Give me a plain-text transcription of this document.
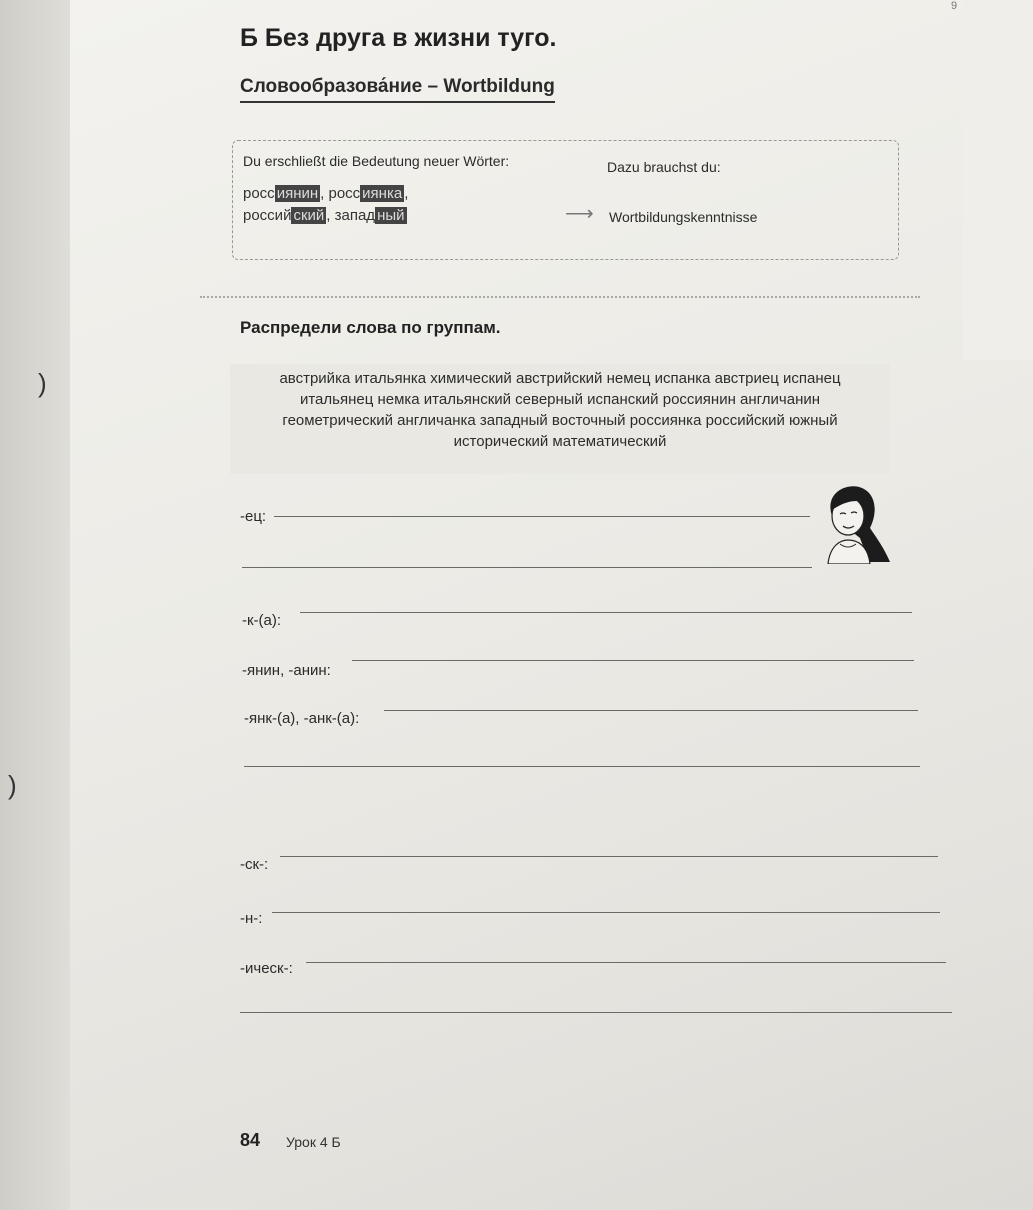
)
)
9
Б Без друга в жизни туго.
Словообразова́ние – Wortbildung
Du erschließt die Bedeutung neuer Wörter:	Dazu brauchst du:
росс иянин , росс иянка ,
россий ский , запад ный	⟶ Wortbildungskenntnisse
Распредели слова по группам.
австрийка итальянка химический австрийский немец испанка австриец испанец
итальянец немка итальянский северный испанский россиянин англичанин
геометрический англичанка западный восточный россиянка российский южный
исторический математический
-ец:
-к-(а):
-янин, -анин:
-янк-(а), -анк-(а):
-ск-:
-н-:
-ическ-:
84 Урок 4 Б
